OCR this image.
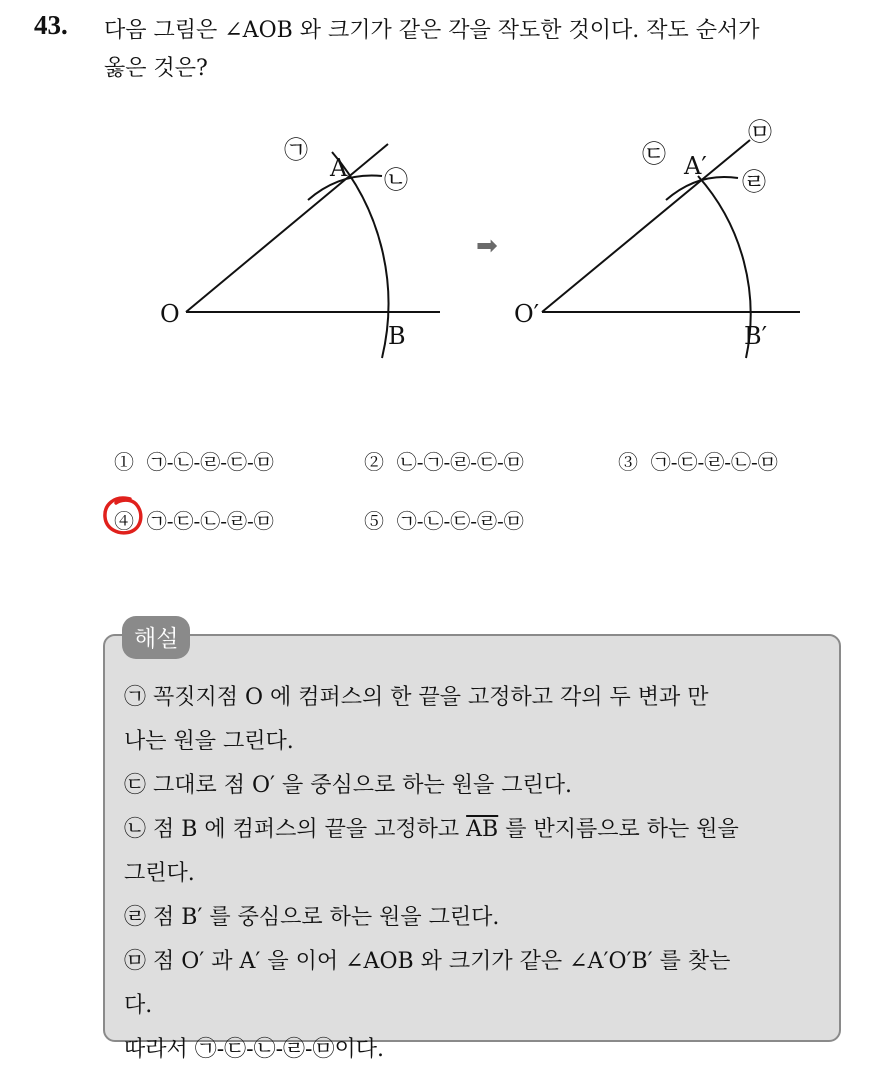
43. 다음 그림은 ∠AOB 와 크기가 같은 각을 작도한 것이다. 작도 순서가
옳은 것은?
O
A
B
㉠
㉡
O′
A′
B′
㉢
㉣
㉤
➡
① ㉠-㉡-㉣-㉢-㉤	② ㉡-㉠-㉣-㉢-㉤	③ ㉠-㉢-㉣-㉡-㉤
④ ㉠-㉢-㉡-㉣-㉤	⑤ ㉠-㉡-㉢-㉣-㉤
해설

㉠ 꼭짓지점 O 에 컴퍼스의 한 끝을 고정하고 각의 두 변과 만

나는 원을 그린다.

㉢ 그대로 점 O′ 을 중심으로 하는 원을 그린다.

㉡ 점 B 에 컴퍼스의 끝을 고정하고 $\overline{AB}$ 를 반지름으로 하는 원을

그린다.

㉣ 점 B′ 를 중심으로 하는 원을 그린다.

㉤ 점 O′ 과 A′ 을 이어 ∠AOB 와 크기가 같은 ∠A′O′B′ 를 찾는

다.

따라서 ㉠-㉢-㉡-㉣-㉤이다.
